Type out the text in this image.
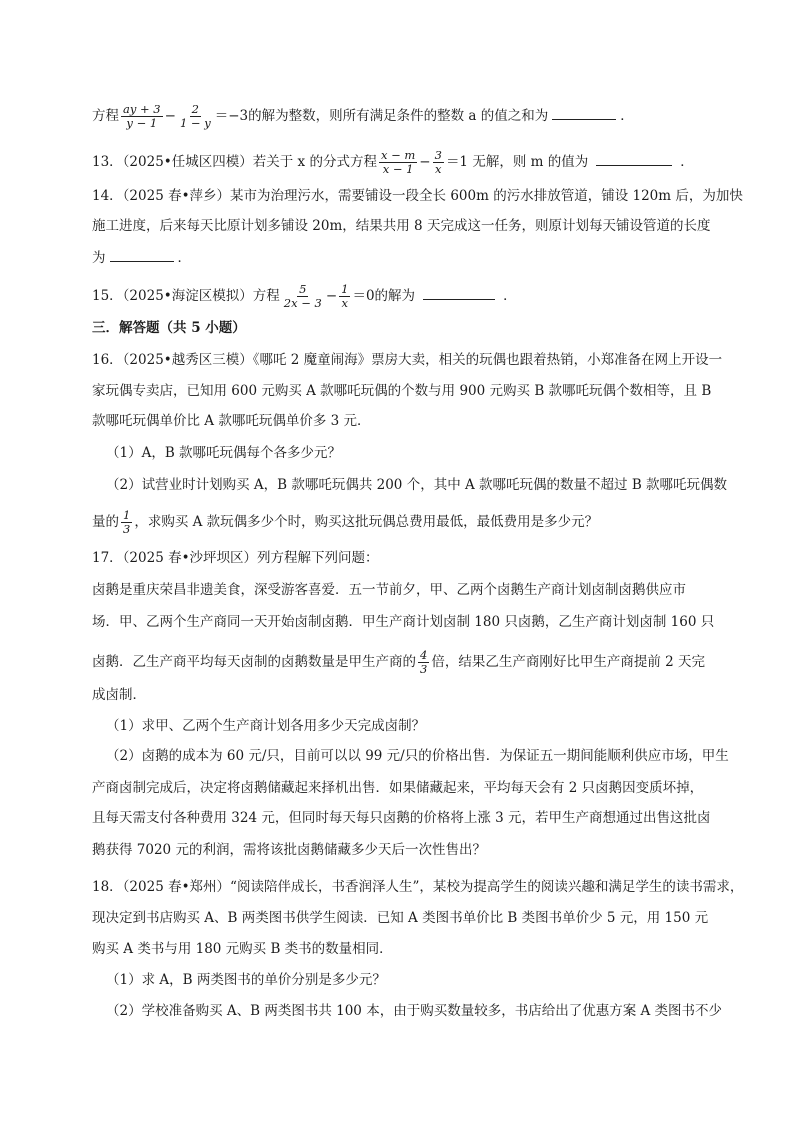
方程 $\frac{ay + 3}{y - 1} - \frac{2}{1 - y} =-3$的解为整数，则所有满足条件的整数 a 的值之和为	．
13．（2025•任城区四模）若关于 x 的分式方程 $\frac{x - m}{x - 1} - \frac{3}{x} =1$ 无解，则 m 的值为	．
14．（2025 春•萍乡）某市为治理污水，需要铺设一段全长 600m 的污水排放管道，铺设 120m 后，为加快
施工进度，后来每天比原计划多铺设 20m，结果共用 8 天完成这一任务，则原计划每天铺设管道的长度
为	．
15．（2025•海淀区模拟）方程 $\frac{5}{2x - 3} - \frac{1}{x} =0$的解为	．
三．解答题（共 5 小题）
16．（2025•越秀区三模）《哪吒 2 魔童闹海》票房大卖，相关的玩偶也跟着热销，小郑准备在网上开设一
家玩偶专卖店，已知用 600 元购买 A 款哪吒玩偶的个数与用 900 元购买 B 款哪吒玩偶个数相等，且 B
款哪吒玩偶单价比 A 款哪吒玩偶单价多 3 元．
（1）A，B 款哪吒玩偶每个各多少元？
（2）试营业时计划购买 A，B 款哪吒玩偶共 200 个，其中 A 款哪吒玩偶的数量不超过 B 款哪吒玩偶数
量的 $\frac{1}{3}$ ，求购买 A 款玩偶多少个时，购买这批玩偶总费用最低，最低费用是多少元？
17．（2025 春•沙坪坝区）列方程解下列问题：
卤鹅是重庆荣昌非遗美食，深受游客喜爱．五一节前夕，甲、乙两个卤鹅生产商计划卤制卤鹅供应市
场．甲、乙两个生产商同一天开始卤制卤鹅．甲生产商计划卤制 180 只卤鹅，乙生产商计划卤制 160 只
卤鹅．乙生产商平均每天卤制的卤鹅数量是甲生产商的 $\frac{4}{3}$ 倍，结果乙生产商刚好比甲生产商提前 2 天完
成卤制．
（1）求甲、乙两个生产商计划各用多少天完成卤制？
（2）卤鹅的成本为 60 元/只，目前可以以 99 元/只的价格出售．为保证五一期间能顺利供应市场，甲生
产商卤制完成后，决定将卤鹅储藏起来择机出售．如果储藏起来，平均每天会有 2 只卤鹅因变质坏掉，
且每天需支付各种费用 324 元，但同时每天每只卤鹅的价格将上涨 3 元，若甲生产商想通过出售这批卤
鹅获得 7020 元的利润，需将该批卤鹅储藏多少天后一次性售出？
18．（2025 春•郑州）“阅读陪伴成长，书香润泽人生”，某校为提高学生的阅读兴趣和满足学生的读书需求，
现决定到书店购买 A、B 两类图书供学生阅读．已知 A 类图书单价比 B 类图书单价少 5 元，用 150 元
购买 A 类书与用 180 元购买 B 类书的数量相同．
（1）求 A，B 两类图书的单价分别是多少元？
（2）学校准备购买 A、B 两类图书共 100 本，由于购买数量较多，书店给出了优惠方案 A 类图书不少
